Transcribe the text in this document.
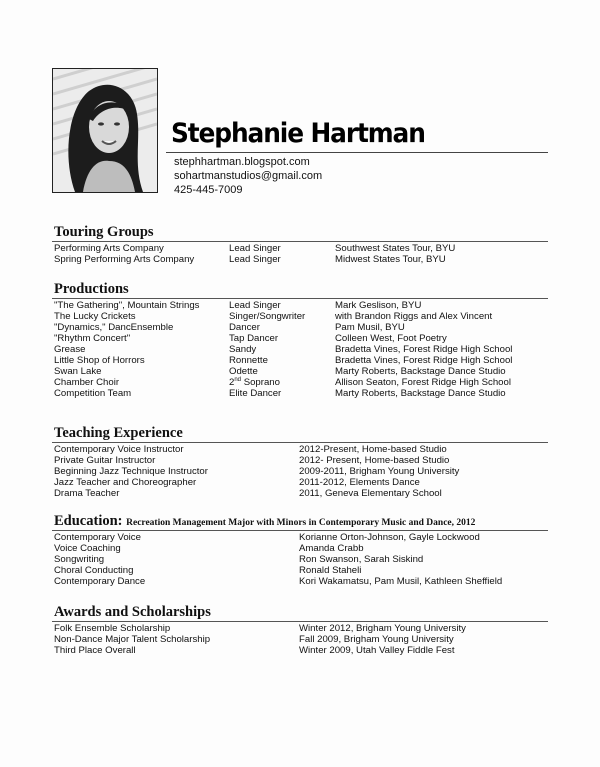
Stephanie Hartman
stephhartman.blogspot.com
sohartmanstudios@gmail.com
425-445-7009
Touring Groups
Performing Arts Company	Lead Singer	Southwest States Tour, BYU
Spring Performing Arts Company	Lead Singer	Midwest States Tour, BYU
Productions
"The Gathering", Mountain Strings	Lead Singer	Mark Geslison, BYU
The Lucky Crickets	Singer/Songwriter	with Brandon Riggs and Alex Vincent
"Dynamics," DancEnsemble	Dancer	Pam Musil, BYU
"Rhythm Concert"	Tap Dancer	Colleen West, Foot Poetry
Grease	Sandy	Bradetta Vines, Forest Ridge High School
Little Shop of Horrors	Ronnette	Bradetta Vines, Forest Ridge High School
Swan Lake	Odette	Marty Roberts, Backstage Dance Studio
Chamber Choir	2nd Soprano	Allison Seaton, Forest Ridge High School
Competition Team	Elite Dancer	Marty Roberts, Backstage Dance Studio
Teaching Experience
Contemporary Voice Instructor	2012-Present, Home-based Studio
Private Guitar Instructor	2012- Present, Home-based Studio
Beginning Jazz Technique Instructor	2009-2011, Brigham Young University
Jazz Teacher and Choreographer	2011-2012, Elements Dance
Drama Teacher	2011, Geneva Elementary School
Education: Recreation Management Major with Minors in Contemporary Music and Dance, 2012
Contemporary Voice	Korianne Orton-Johnson, Gayle Lockwood
Voice Coaching	Amanda Crabb
Songwriting	Ron Swanson, Sarah Siskind
Choral Conducting	Ronald Staheli
Contemporary Dance	Kori Wakamatsu, Pam Musil, Kathleen Sheffield
Awards and Scholarships
Folk Ensemble Scholarship	Winter 2012, Brigham Young University
Non-Dance Major Talent Scholarship	Fall 2009, Brigham Young University
Third Place Overall	Winter 2009, Utah Valley Fiddle Fest
